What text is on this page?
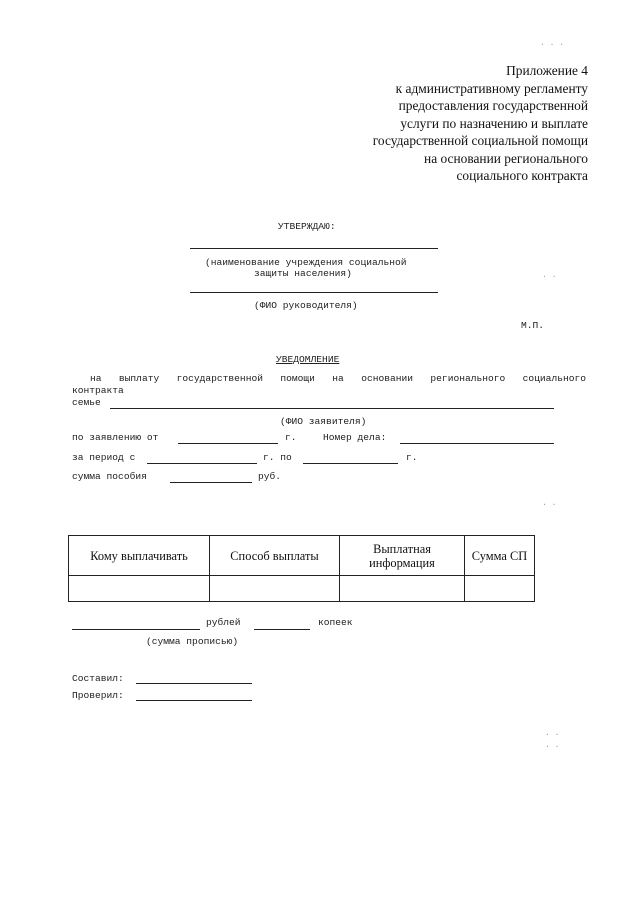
Приложение 4
к административному регламенту
предоставления государственной
услуги по назначению и выплате
государственной социальной помощи
на основании регионального
социального контракта
УТВЕРЖДАЮ:
(наименование учреждения социальной
защиты населения)
(ФИО руководителя)
М.П.
УВЕДОМЛЕНИЕ
на выплату государственной помощи на основании регионального социального
контракта
семье
(ФИО заявителя)
по заявлению от	г.	Номер дела:
за период с	г. по	г.
сумма пособия	руб.
Кому выплачивать	Способ выплаты	Выплатная информация	Сумма СП

рублей	копеек
(сумма прописью)
Составил:
Проверил:
· · ·
· ·
· ·
· ·
· ·
